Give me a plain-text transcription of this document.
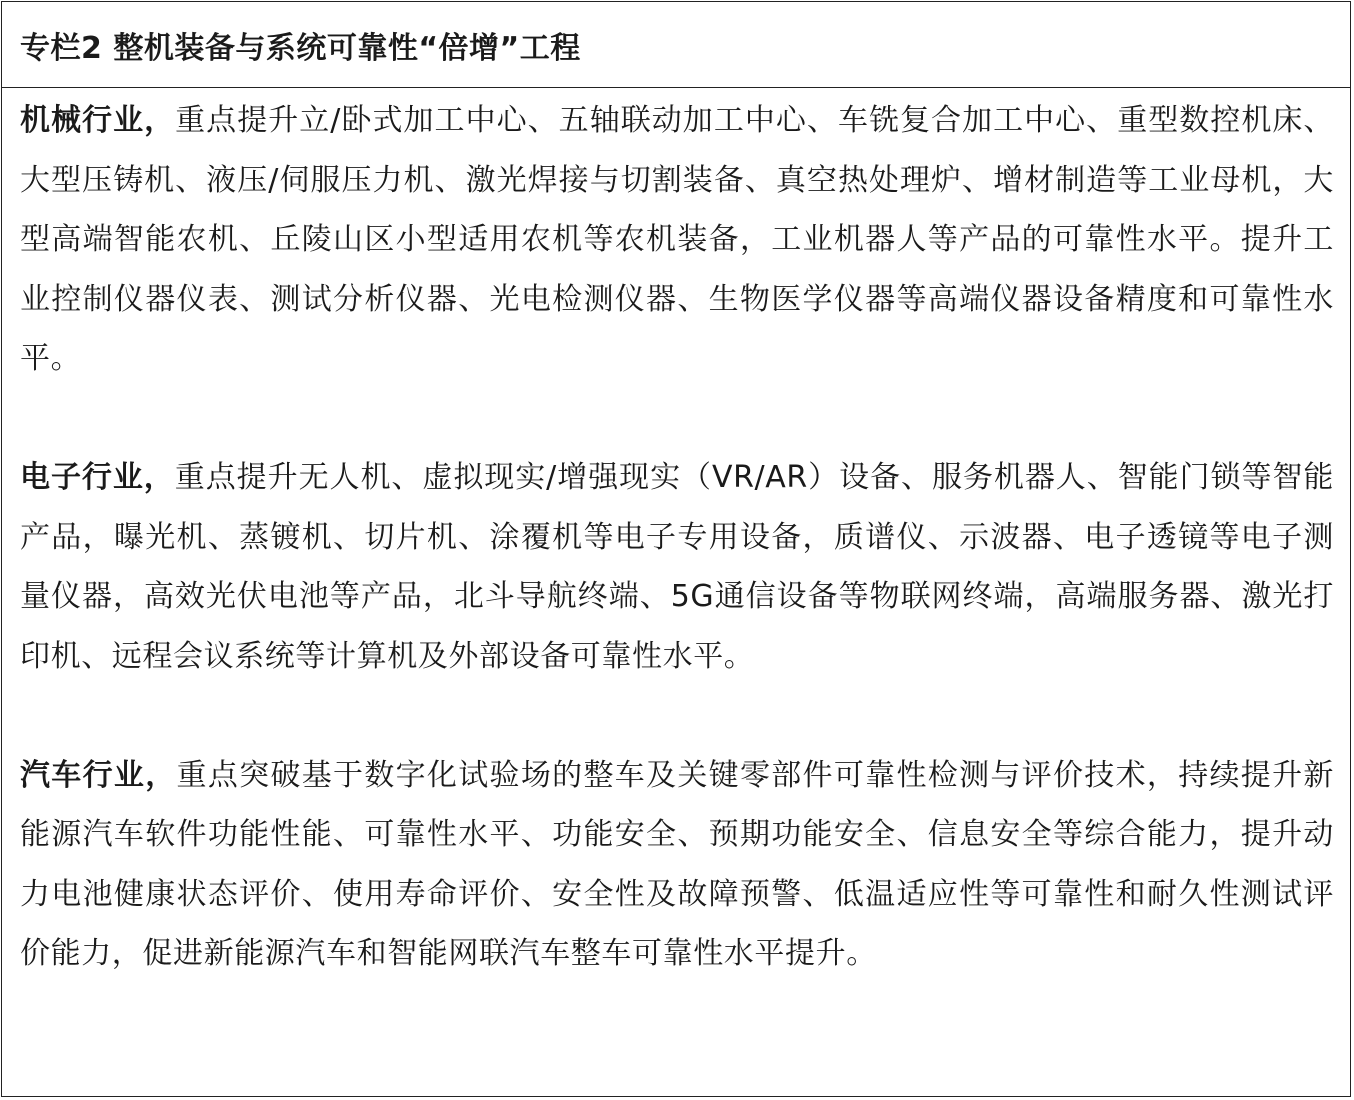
专栏2 整机装备与系统可靠性“倍增”工程

机械行业，重点提升立/卧式加工中心、五轴联动加工中心、车铣复合加工中心、重型数控机床、大型压铸机、液压/伺服压力机、激光焊接与切割装备、真空热处理炉、增材制造等工业母机，大型高端智能农机、丘陵山区小型适用农机等农机装备，工业机器人等产品的可靠性水平。提升工业控制仪器仪表、测试分析仪器、光电检测仪器、生物医学仪器等高端仪器设备精度和可靠性水平。

电子行业，重点提升无人机、虚拟现实/增强现实（VR/AR）设备、服务机器人、智能门锁等智能产品，曝光机、蒸镀机、切片机、涂覆机等电子专用设备，质谱仪、示波器、电子透镜等电子测量仪器，高效光伏电池等产品，北斗导航终端、5G通信设备等物联网终端，高端服务器、激光打印机、远程会议系统等计算机及外部设备可靠性水平。

汽车行业，重点突破基于数字化试验场的整车及关键零部件可靠性检测与评价技术，持续提升新能源汽车软件功能性能、可靠性水平、功能安全、预期功能安全、信息安全等综合能力，提升动力电池健康状态评价、使用寿命评价、安全性及故障预警、低温适应性等可靠性和耐久性测试评价能力，促进新能源汽车和智能网联汽车整车可靠性水平提升。
